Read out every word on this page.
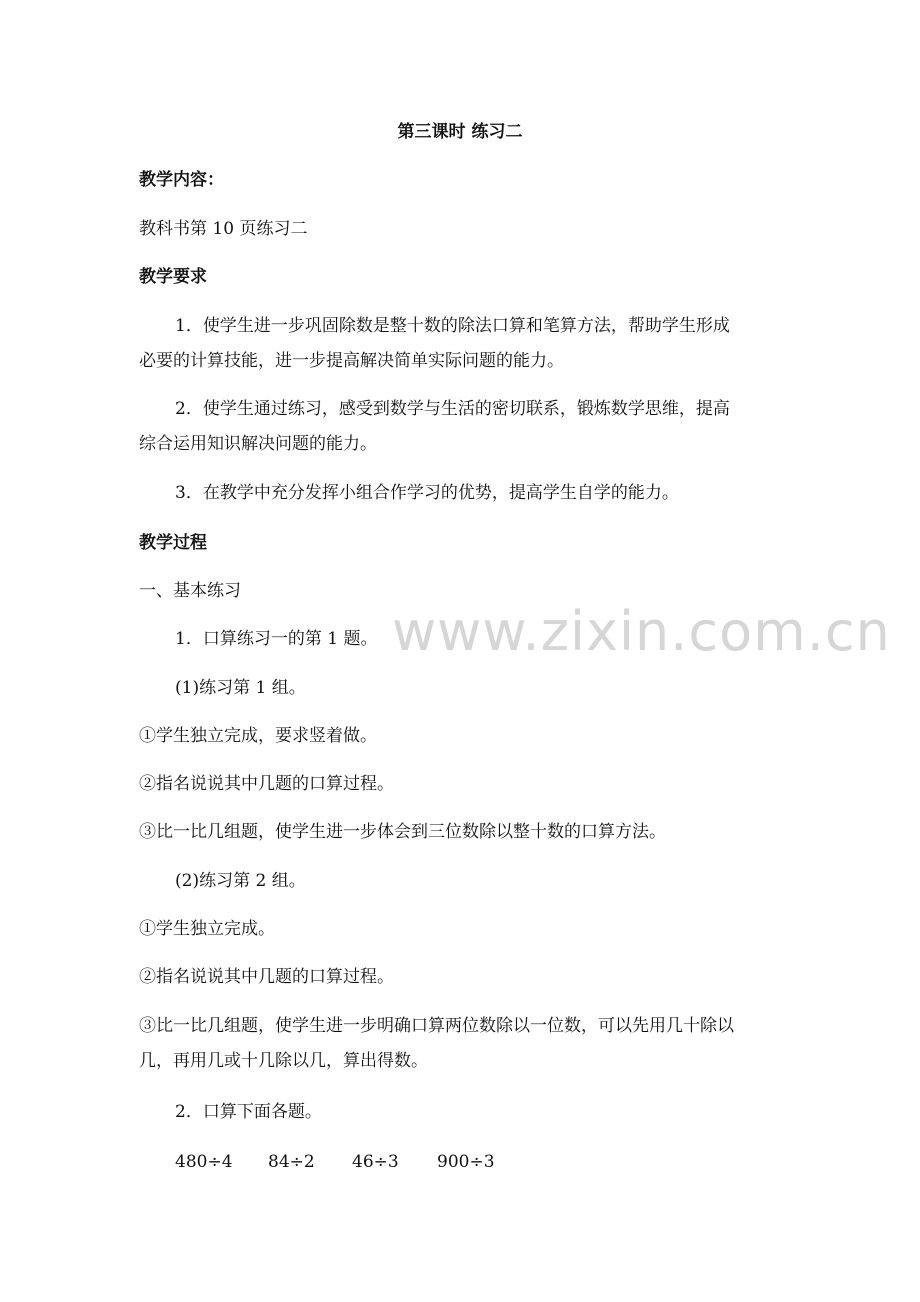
www.zixin.com.cn
第三课时 练习二
教学内容：
教科书第 10 页练习二
教学要求
1．使学生进一步巩固除数是整十数的除法口算和笔算方法，帮助学生形成
必要的计算技能，进一步提高解决简单实际问题的能力。
2．使学生通过练习，感受到数学与生活的密切联系，锻炼数学思维，提高
综合运用知识解决问题的能力。
3．在教学中充分发挥小组合作学习的优势，提高学生自学的能力。
教学过程
一、基本练习
1．口算练习一的第 1 题。
(1)练习第 1 组。
①学生独立完成，要求竖着做。
②指名说说其中几题的口算过程。
③比一比几组题，使学生进一步体会到三位数除以整十数的口算方法。
(2)练习第 2 组。
①学生独立完成。
②指名说说其中几题的口算过程。
③比一比几组题，使学生进一步明确口算两位数除以一位数，可以先用几十除以
几，再用几或十几除以几，算出得数。
2．口算下面各题。
480÷4 84÷2 46÷3 900÷3
